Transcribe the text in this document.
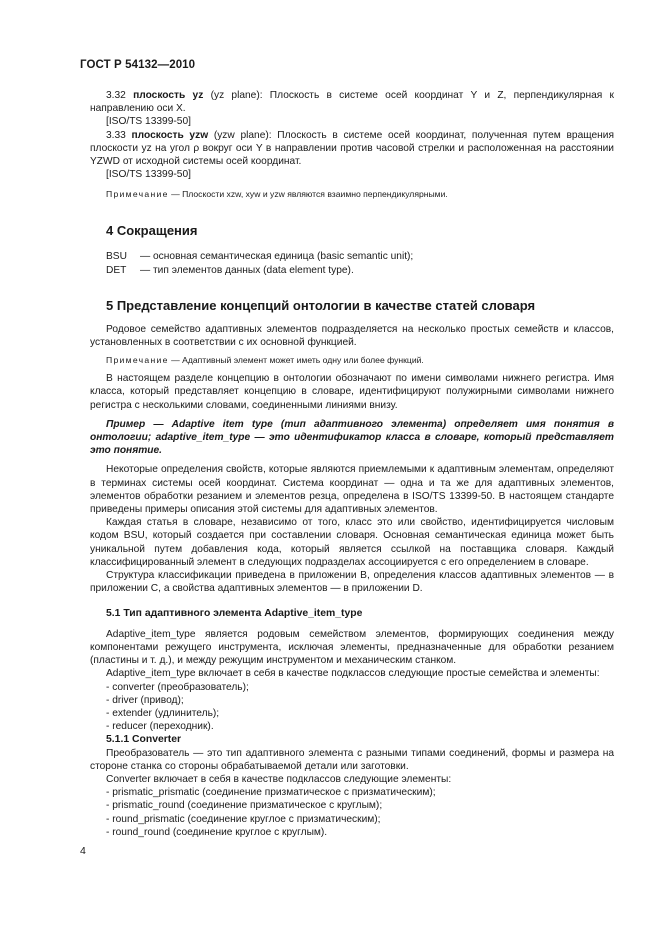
ГОСТ Р 54132—2010

3.32 плоскость yz (yz plane): Плоскость в системе осей координат Y и Z, перпендикулярная к направлению оси X.

[ISO/TS 13399-50]

3.33 плоскость yzw (yzw plane): Плоскость в системе осей координат, полученная путем вращения плоскости yz на угол ρ вокруг оси Y в направлении против часовой стрелки и расположенная на расстоянии YZWD от исходной системы осей координат.

[ISO/TS 13399-50]

Примечание — Плоскости xzw, xyw и yzw являются взаимно перпендикулярными.

4 Сокращения

BSU — основная семантическая единица (basic semantic unit);

DET — тип элементов данных (data element type).

5 Представление концепций онтологии в качестве статей словаря

Родовое семейство адаптивных элементов подразделяется на несколько простых семейств и классов, установленных в соответствии с их основной функцией.

Примечание — Адаптивный элемент может иметь одну или более функций.

В настоящем разделе концепцию в онтологии обозначают по имени символами нижнего регистра. Имя класса, который представляет концепцию в словаре, идентифицируют полужирными символами нижнего регистра с несколькими словами, соединенными линиями внизу.

Пример — Adaptive item type (тип адаптивного элемента) определяет имя понятия в онтологии; adaptive_item_type — это идентификатор класса в словаре, который представляет это понятие.

Некоторые определения свойств, которые являются приемлемыми к адаптивным элементам, определяют в терминах системы осей координат. Система координат — одна и та же для адаптивных элементов, элементов обработки резанием и элементов резца, определена в ISO/TS 13399-50. В настоящем стандарте приведены примеры описания этой системы для адаптивных элементов.

Каждая статья в словаре, независимо от того, класс это или свойство, идентифицируется числовым кодом BSU, который создается при составлении словаря. Основная семантическая единица может быть уникальной путем добавления кода, который является ссылкой на поставщика словаря. Каждый классифицированный элемент в следующих подразделах ассоциируется с его определением в словаре.

Структура классификации приведена в приложении B, определения классов адаптивных элементов — в приложении C, а свойства адаптивных элементов — в приложении D.

5.1 Тип адаптивного элемента Adaptive_item_type

Adaptive_item_type является родовым семейством элементов, формирующих соединения между компонентами режущего инструмента, исключая элементы, предназначенные для обработки резанием (пластины и т. д.), и между режущим инструментом и механическим станком.

Adaptive_item_type включает в себя в качестве подклассов следующие простые семейства и элементы:

- converter (преобразователь);
- driver (привод);
- extender (удлинитель);
- reducer (переходник).
5.1.1 Converter

Преобразователь — это тип адаптивного элемента с разными типами соединений, формы и размера на стороне станка со стороны обрабатываемой детали или заготовки.

Converter включает в себя в качестве подклассов следующие элементы:

- prismatic_prismatic (соединение призматическое с призматическим);
- prismatic_round (соединение призматическое с круглым);
- round_prismatic (соединение круглое с призматическим);
- round_round (соединение круглое с круглым).
4
